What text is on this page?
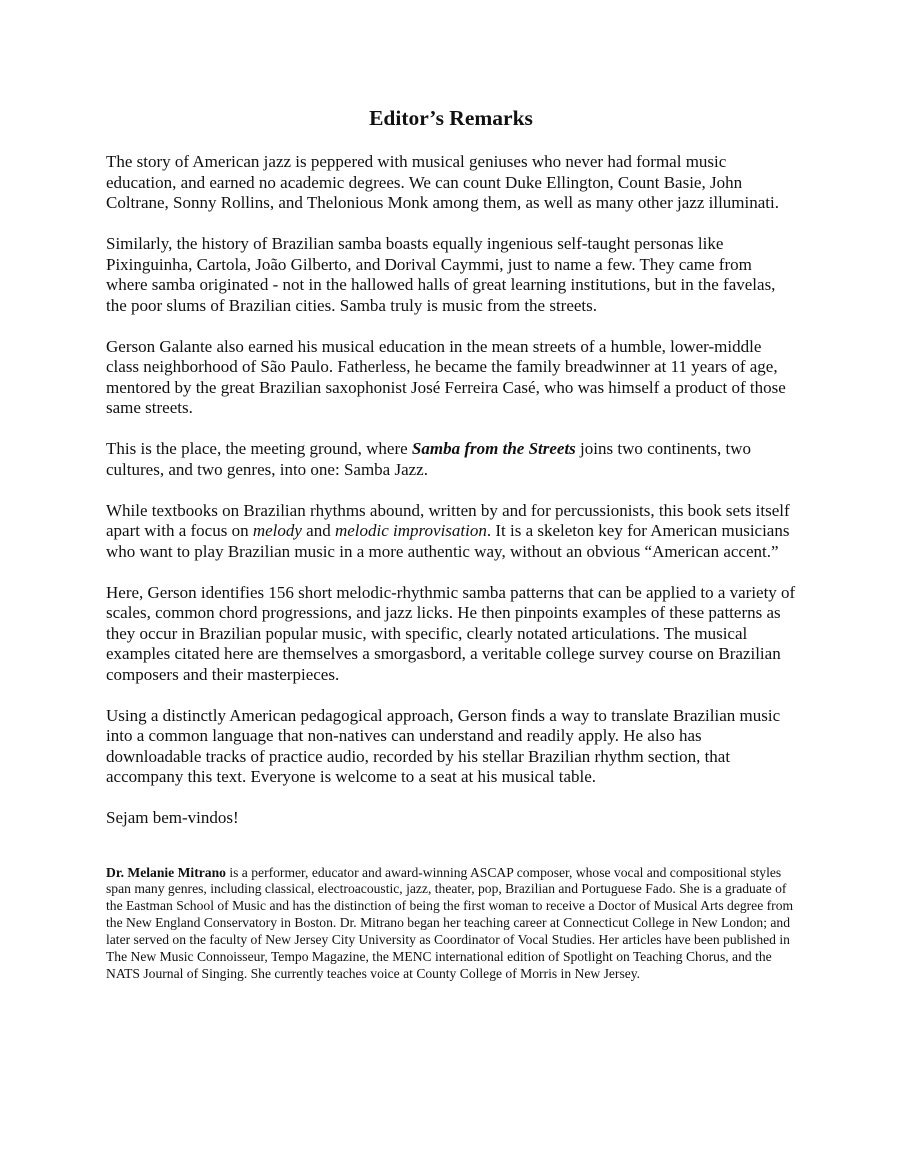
Editor’s Remarks

The story of American jazz is peppered with musical geniuses who never had formal music education, and earned no academic degrees. We can count Duke Ellington, Count Basie, John Coltrane, Sonny Rollins, and Thelonious Monk among them, as well as many other jazz illuminati.

Similarly, the history of Brazilian samba boasts equally ingenious self-taught personas like Pixinguinha, Cartola, João Gilberto, and Dorival Caymmi, just to name a few. They came from where samba originated - not in the hallowed halls of great learning institutions, but in the favelas, the poor slums of Brazilian cities. Samba truly is music from the streets.

Gerson Galante also earned his musical education in the mean streets of a humble, lower-middle class neighborhood of São Paulo. Fatherless, he became the family breadwinner at 11 years of age, mentored by the great Brazilian saxophonist José Ferreira Casé, who was himself a product of those same streets.

This is the place, the meeting ground, where Samba from the Streets joins two continents, two cultures, and two genres, into one: Samba Jazz.

While textbooks on Brazilian rhythms abound, written by and for percussionists, this book sets itself apart with a focus on melody and melodic improvisation. It is a skeleton key for American musicians who want to play Brazilian music in a more authentic way, without an obvious “American accent.”

Here, Gerson identifies 156 short melodic-rhythmic samba patterns that can be applied to a variety of scales, common chord progressions, and jazz licks. He then pinpoints examples of these patterns as they occur in Brazilian popular music, with specific, clearly notated articulations. The musical examples citated here are themselves a smorgasbord, a veritable college survey course on Brazilian composers and their masterpieces.

Using a distinctly American pedagogical approach, Gerson finds a way to translate Brazilian music into a common language that non-natives can understand and readily apply. He also has downloadable tracks of practice audio, recorded by his stellar Brazilian rhythm section, that accompany this text. Everyone is welcome to a seat at his musical table.

Sejam bem-vindos!

Dr. Melanie Mitrano is a performer, educator and award-winning ASCAP composer, whose vocal and compositional styles span many genres, including classical, electroacoustic, jazz, theater, pop, Brazilian and Portuguese Fado. She is a graduate of the Eastman School of Music and has the distinction of being the first woman to receive a Doctor of Musical Arts degree from the New England Conservatory in Boston. Dr. Mitrano began her teaching career at Connecticut College in New London; and later served on the faculty of New Jersey City University as Coordinator of Vocal Studies. Her articles have been published in The New Music Connoisseur, Tempo Magazine, the MENC international edition of Spotlight on Teaching Chorus, and the NATS Journal of Singing. She currently teaches voice at County College of Morris in New Jersey.
